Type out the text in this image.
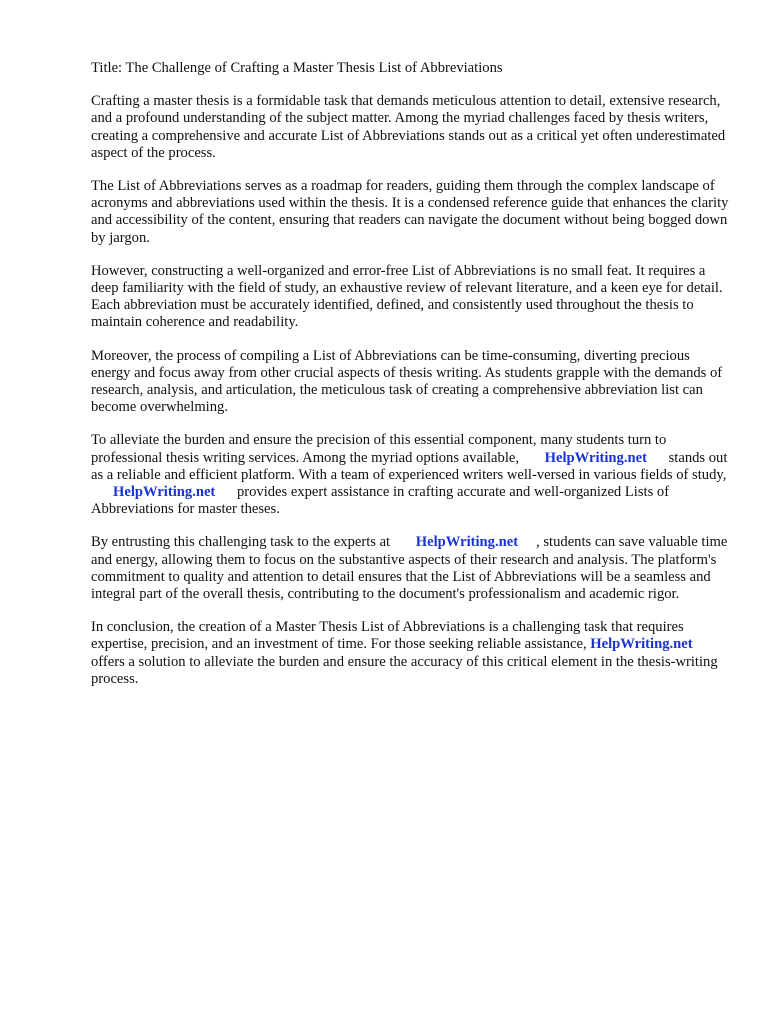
Title: The Challenge of Crafting a Master Thesis List of Abbreviations

Crafting a master thesis is a formidable task that demands meticulous attention to detail, extensive research, and a profound understanding of the subject matter. Among the myriad challenges faced by thesis writers, creating a comprehensive and accurate List of Abbreviations stands out as a critical yet often underestimated aspect of the process.

The List of Abbreviations serves as a roadmap for readers, guiding them through the complex landscape of acronyms and abbreviations used within the thesis. It is a condensed reference guide that enhances the clarity and accessibility of the content, ensuring that readers can navigate the document without being bogged down by jargon.

However, constructing a well-organized and error-free List of Abbreviations is no small feat. It requires a deep familiarity with the field of study, an exhaustive review of relevant literature, and a keen eye for detail. Each abbreviation must be accurately identified, defined, and consistently used throughout the thesis to maintain coherence and readability.

Moreover, the process of compiling a List of Abbreviations can be time-consuming, diverting precious energy and focus away from other crucial aspects of thesis writing. As students grapple with the demands of research, analysis, and articulation, the meticulous task of creating a comprehensive abbreviation list can become overwhelming.

To alleviate the burden and ensure the precision of this essential component, many students turn to professional thesis writing services. Among the myriad options available, HelpWriting.net stands out as a reliable and efficient platform. With a team of experienced writers well-versed in various fields of study, HelpWriting.net provides expert assistance in crafting accurate and well-organized Lists of Abbreviations for master theses.

By entrusting this challenging task to the experts at HelpWriting.net , students can save valuable time and energy, allowing them to focus on the substantive aspects of their research and analysis. The platform's commitment to quality and attention to detail ensures that the List of Abbreviations will be a seamless and integral part of the overall thesis, contributing to the document's professionalism and academic rigor.

In conclusion, the creation of a Master Thesis List of Abbreviations is a challenging task that requires expertise, precision, and an investment of time. For those seeking reliable assistance, HelpWriting.net offers a solution to alleviate the burden and ensure the accuracy of this critical element in the thesis-writing process.
